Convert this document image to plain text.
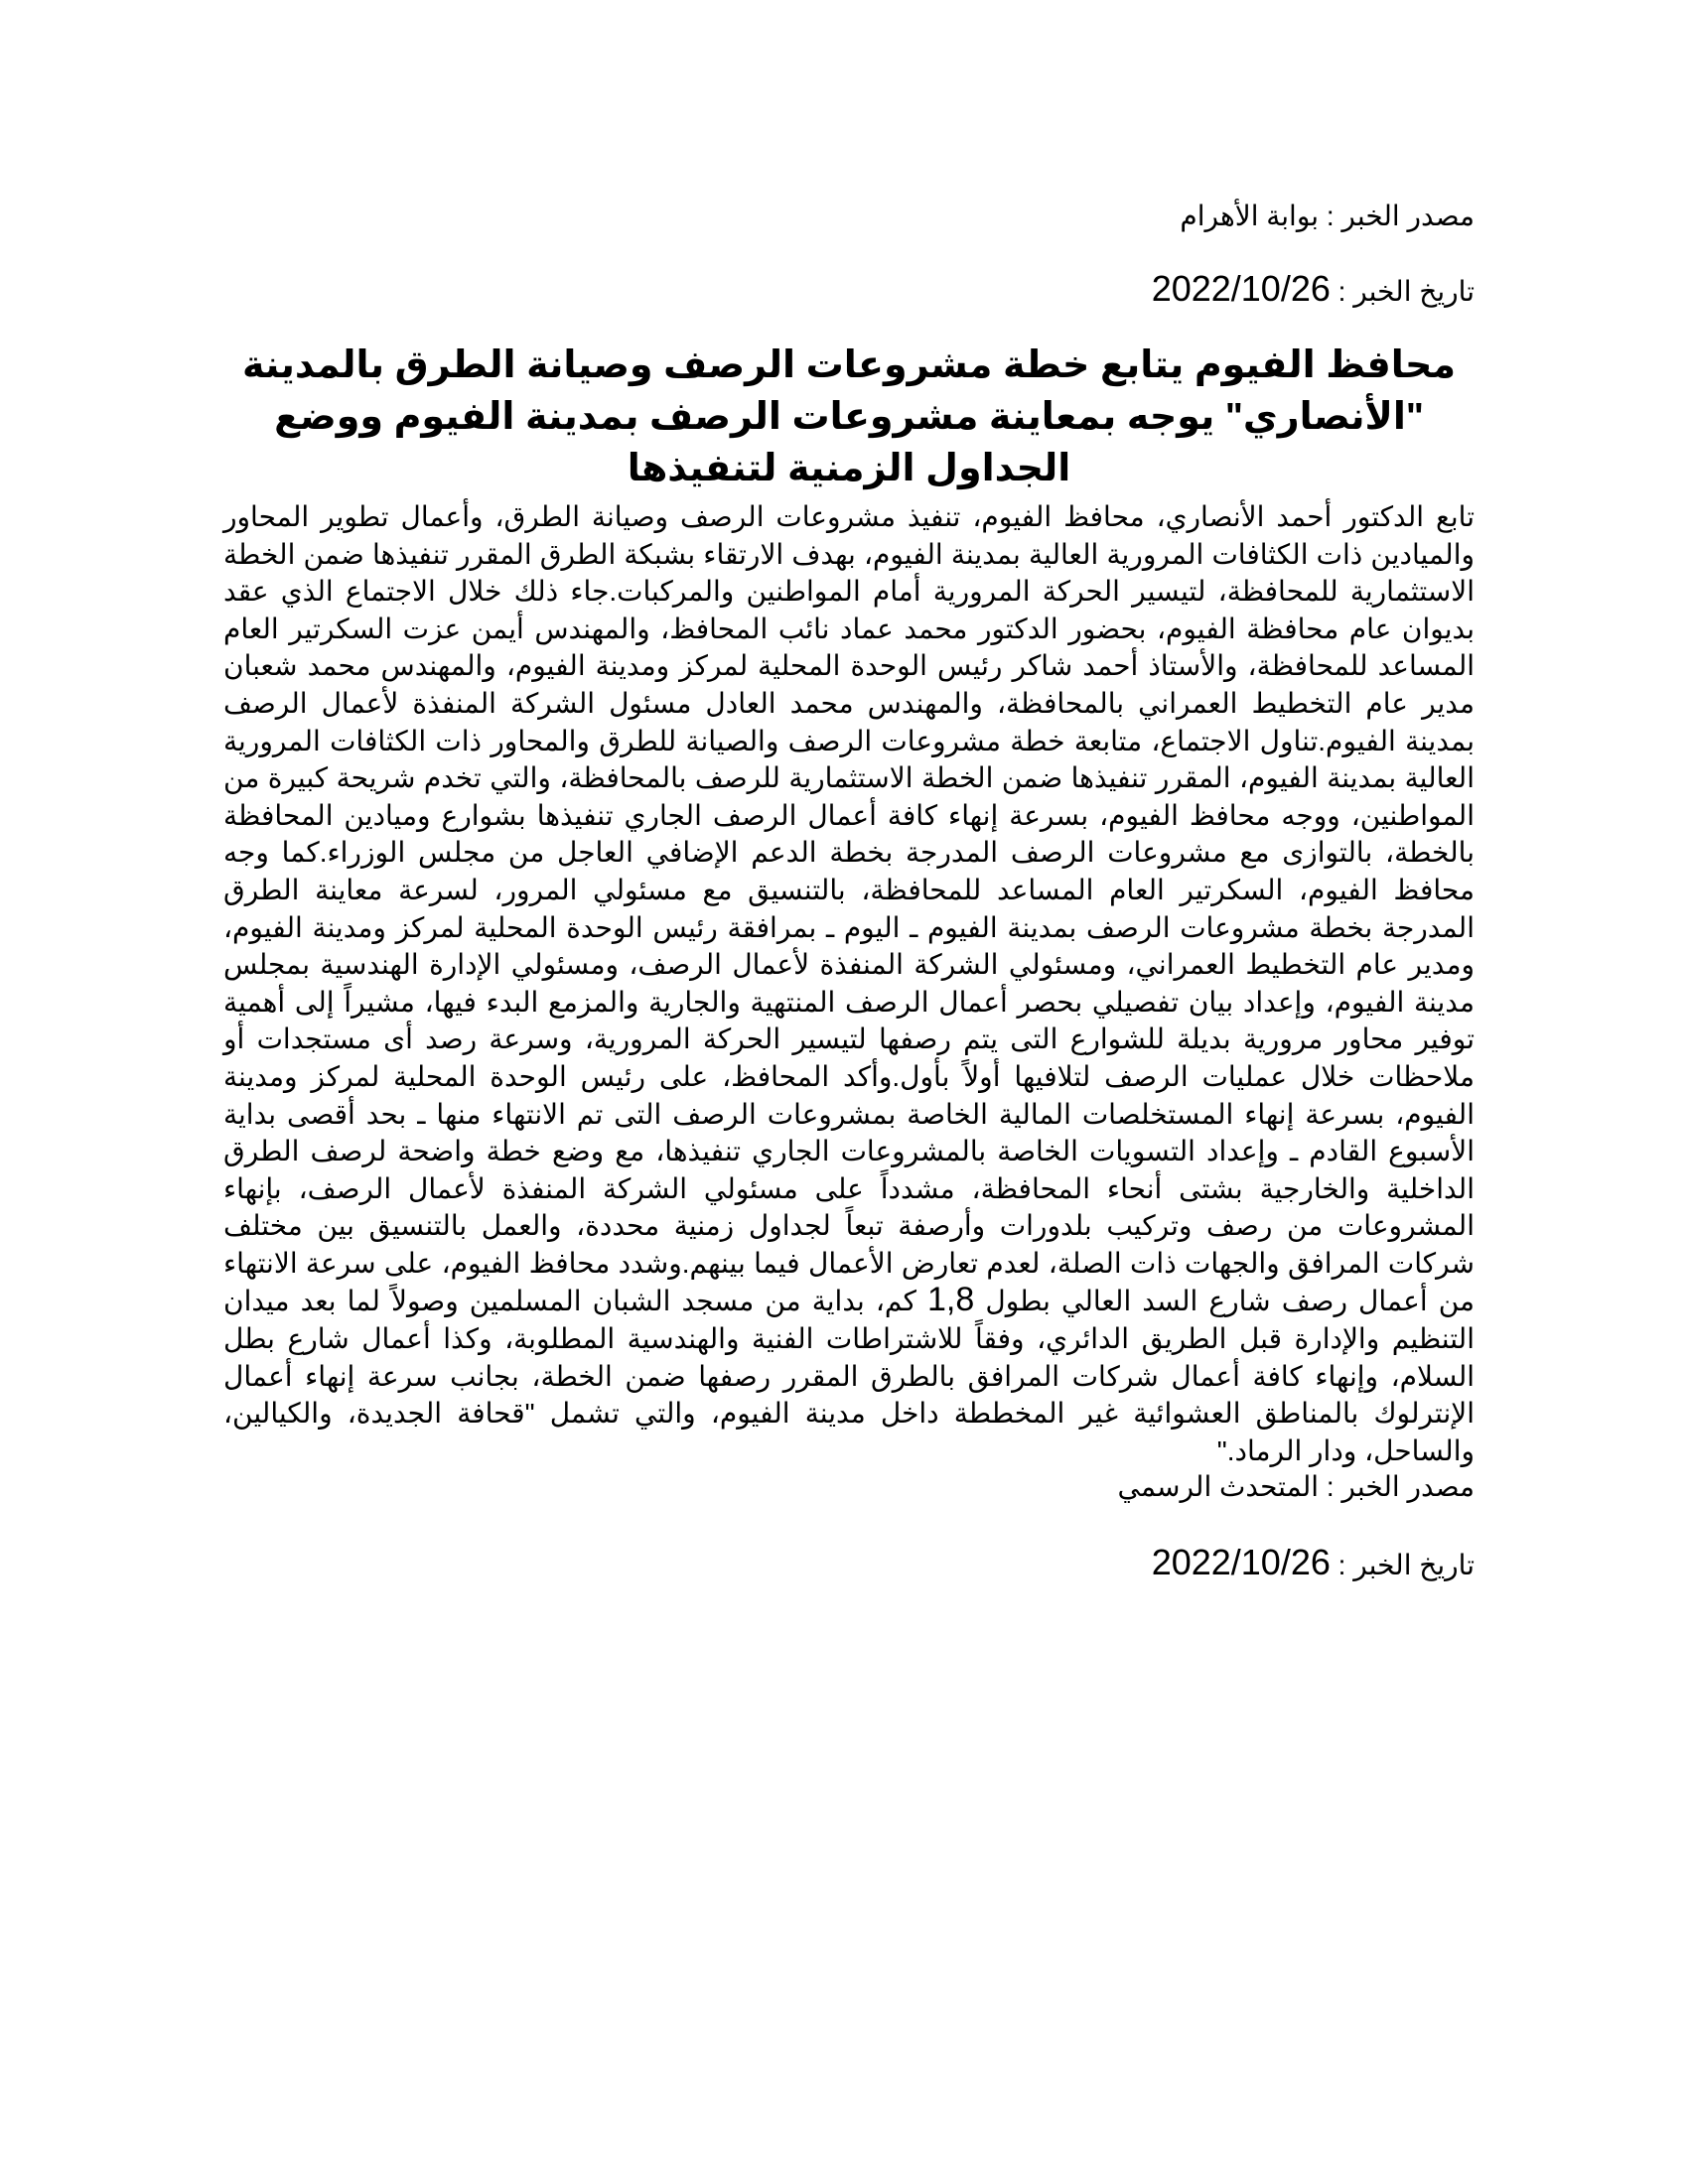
مصدر الخبر : بوابة الأهرام

تاريخ الخبر : 2022/10/26

محافظ الفيوم يتابع خطة مشروعات الرصف وصيانة الطرق بالمدينة "الأنصاري" يوجه بمعاينة مشروعات الرصف بمدينة الفيوم ووضع الجداول الزمنية لتنفيذها

تابع الدكتور أحمد الأنصاري، محافظ الفيوم، تنفيذ مشروعات الرصف وصيانة الطرق، وأعمال تطوير المحاور والميادين ذات الكثافات المرورية العالية بمدينة الفيوم، بهدف الارتقاء بشبكة الطرق المقرر تنفيذها ضمن الخطة الاستثمارية للمحافظة، لتيسير الحركة المرورية أمام المواطنين والمركبات.جاء ذلك خلال الاجتماع الذي عقد بديوان عام محافظة الفيوم، بحضور الدكتور محمد عماد نائب المحافظ، والمهندس أيمن عزت السكرتير العام المساعد للمحافظة، والأستاذ أحمد شاكر رئيس الوحدة المحلية لمركز ومدينة الفيوم، والمهندس محمد شعبان مدير عام التخطيط العمراني بالمحافظة، والمهندس محمد العادل مسئول الشركة المنفذة لأعمال الرصف بمدينة الفيوم.تناول الاجتماع، متابعة خطة مشروعات الرصف والصيانة للطرق والمحاور ذات الكثافات المرورية العالية بمدينة الفيوم، المقرر تنفيذها ضمن الخطة الاستثمارية للرصف بالمحافظة، والتي تخدم شريحة كبيرة من المواطنين، ووجه محافظ الفيوم، بسرعة إنهاء كافة أعمال الرصف الجاري تنفيذها بشوارع وميادين المحافظة بالخطة، بالتوازى مع مشروعات الرصف المدرجة بخطة الدعم الإضافي العاجل من مجلس الوزراء.كما وجه محافظ الفيوم، السكرتير العام المساعد للمحافظة، بالتنسيق مع مسئولي المرور، لسرعة معاينة الطرق المدرجة بخطة مشروعات الرصف بمدينة الفيوم ـ اليوم ـ بمرافقة رئيس الوحدة المحلية لمركز ومدينة الفيوم، ومدير عام التخطيط العمراني، ومسئولي الشركة المنفذة لأعمال الرصف، ومسئولي الإدارة الهندسية بمجلس مدينة الفيوم، وإعداد بيان تفصيلي بحصر أعمال الرصف المنتهية والجارية والمزمع البدء فيها، مشيراً إلى أهمية توفير محاور مرورية بديلة للشوارع التى يتم رصفها لتيسير الحركة المرورية، وسرعة رصد أى مستجدات أو ملاحظات خلال عمليات الرصف لتلافيها أولاً بأول.وأكد المحافظ، على رئيس الوحدة المحلية لمركز ومدينة الفيوم، بسرعة إنهاء المستخلصات المالية الخاصة بمشروعات الرصف التى تم الانتهاء منها ـ بحد أقصى بداية الأسبوع القادم ـ وإعداد التسويات الخاصة بالمشروعات الجاري تنفيذها، مع وضع خطة واضحة لرصف الطرق الداخلية والخارجية بشتى أنحاء المحافظة، مشدداً على مسئولي الشركة المنفذة لأعمال الرصف، بإنهاء المشروعات من رصف وتركيب بلدورات وأرصفة تبعاً لجداول زمنية محددة، والعمل بالتنسيق بين مختلف شركات المرافق والجهات ذات الصلة، لعدم تعارض الأعمال فيما بينهم.وشدد محافظ الفيوم، على سرعة الانتهاء من أعمال رصف شارع السد العالي بطول 1,8 كم، بداية من مسجد الشبان المسلمين وصولاً لما بعد ميدان التنظيم والإدارة قبل الطريق الدائري، وفقاً للاشتراطات الفنية والهندسية المطلوبة، وكذا أعمال شارع بطل السلام، وإنهاء كافة أعمال شركات المرافق بالطرق المقرر رصفها ضمن الخطة، بجانب سرعة إنهاء أعمال الإنترلوك بالمناطق العشوائية غير المخططة داخل مدينة الفيوم، والتي تشمل "قحافة الجديدة، والكيالين، والساحل، ودار الرماد."

مصدر الخبر : المتحدث الرسمي

تاريخ الخبر : 2022/10/26
